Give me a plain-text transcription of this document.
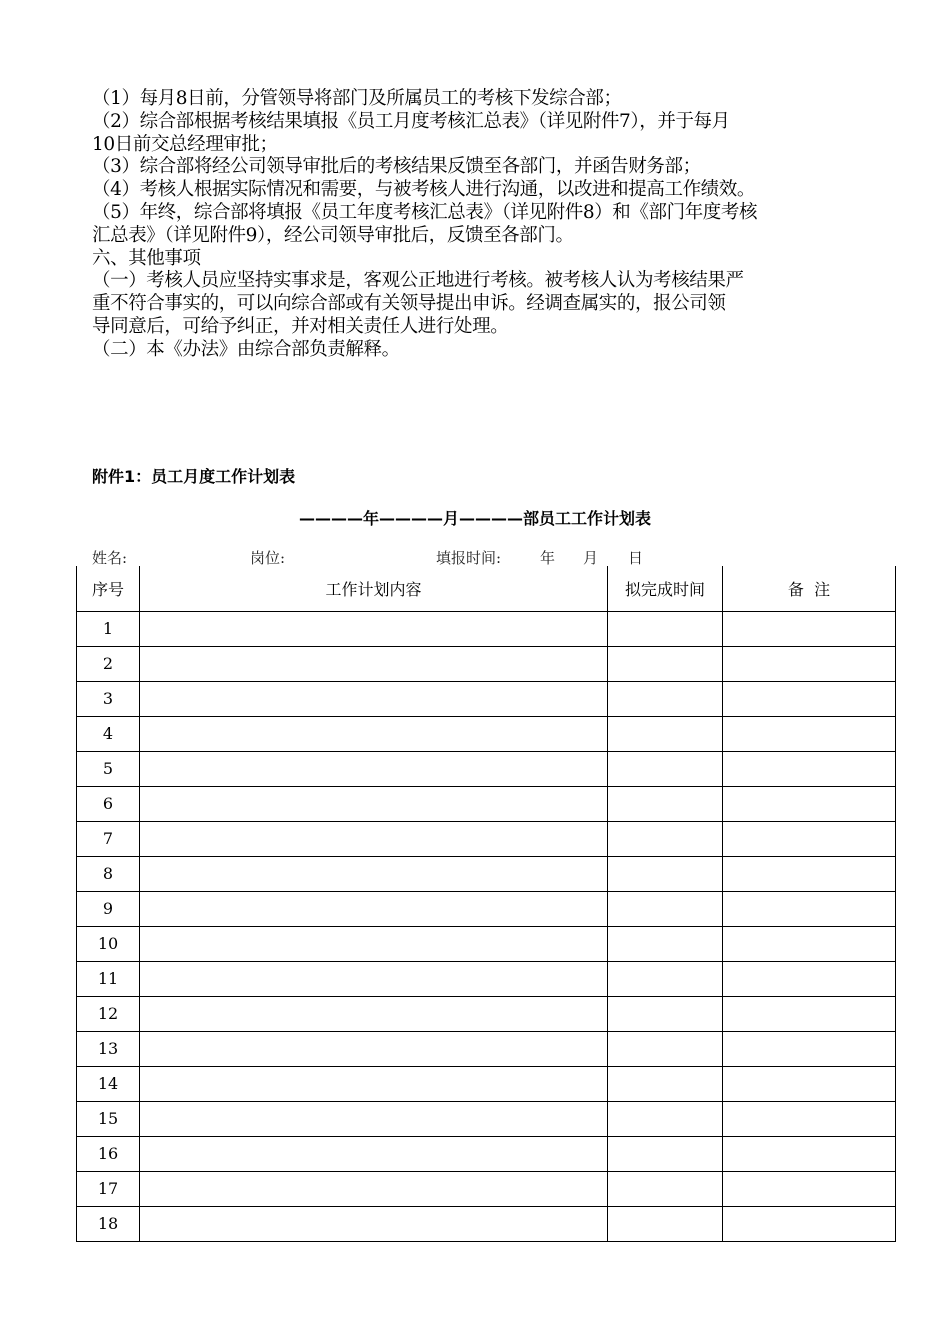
（1）每月8日前，分管领导将部门及所属员工的考核下发综合部；

（2）综合部根据考核结果填报《员工月度考核汇总表》（详见附件7），并于每月

10日前交总经理审批；

（3）综合部将经公司领导审批后的考核结果反馈至各部门，并函告财务部；

（4）考核人根据实际情况和需要，与被考核人进行沟通，以改进和提高工作绩效。

（5）年终，综合部将填报《员工年度考核汇总表》（详见附件8）和《部门年度考核

汇总表》（详见附件9），经公司领导审批后，反馈至各部门。

六、其他事项

（一）考核人员应坚持实事求是，客观公正地进行考核。被考核人认为考核结果严

重不符合事实的，可以向综合部或有关领导提出申诉。经调查属实的，报公司领

导同意后，可给予纠正，并对相关责任人进行处理。

（二）本《办法》由综合部负责解释。

附件1：员工月度工作计划表
————年————月————部员工工作计划表
姓名:	岗位:	填报时间:	年 月 日
序号	工作计划内容	拟完成时间	备  注
1			
2			
3			
4			
5			
6			
7			
8			
9			
10			
11			
12			
13			
14			
15			
16			
17			
18			
